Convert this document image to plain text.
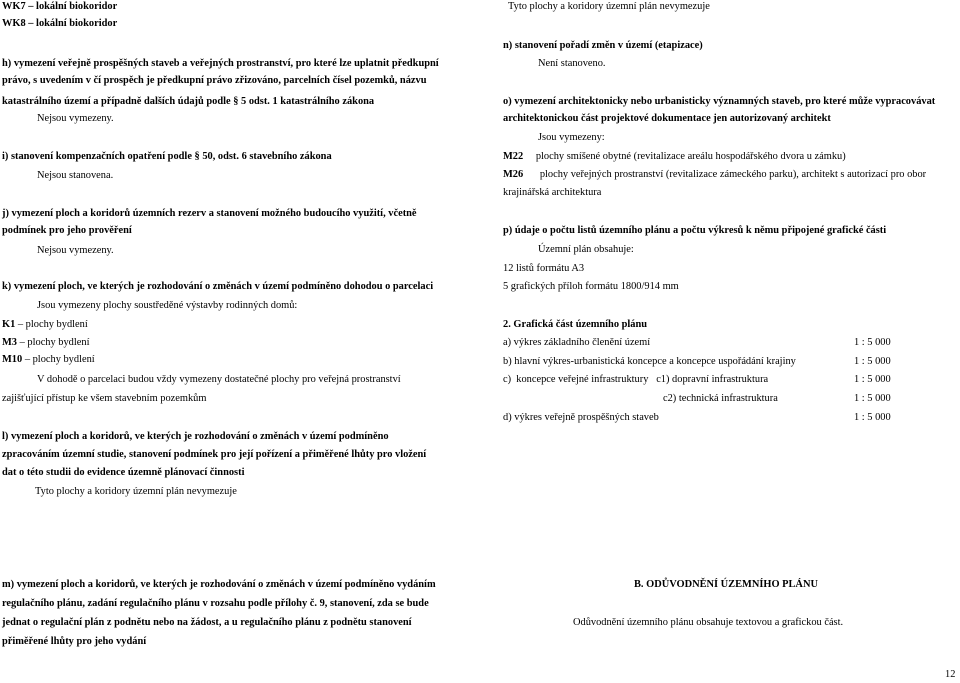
WK7 – lokální biokoridor
WK8 – lokální biokoridor
h) vymezení veřejně prospěšných staveb a veřejných prostranství, pro které lze uplatnit předkupní
právo, s uvedením v čí prospěch je předkupní právo zřizováno, parcelních čísel pozemků, názvu
katastrálního území a případně dalších údajů podle § 5 odst. 1 katastrálního zákona
Nejsou vymezeny.
i) stanovení kompenzačních opatření podle § 50, odst. 6 stavebního zákona
Nejsou stanovena.
j) vymezení ploch a koridorů územních rezerv a stanovení možného budoucího využití, včetně
podmínek pro jeho prověření
Nejsou vymezeny.
k) vymezení ploch, ve kterých je rozhodování o změnách v území podmíněno dohodou o parcelaci
Jsou vymezeny plochy soustředěné výstavby rodinných domů:
K1 – plochy bydlení
M3 – plochy bydlení
M10 – plochy bydlení
V dohodě o parcelaci budou vždy vymezeny dostatečné plochy pro veřejná prostranství
zajišťující přístup ke všem stavebním pozemkům
l) vymezení ploch a koridorů, ve kterých je rozhodování o změnách v území podmíněno
zpracováním územní studie, stanovení podmínek pro její pořízení a přiměřené lhůty pro vložení
dat o této studii do evidence územně plánovací činnosti
Tyto plochy a koridory územní plán nevymezuje
m) vymezení ploch a koridorů, ve kterých je rozhodování o změnách v území podmíněno vydáním
regulačního plánu, zadání regulačního plánu v rozsahu podle přílohy č. 9, stanovení, zda se bude
jednat o regulační plán z podnětu nebo na žádost, a u regulačního plánu z podnětu stanovení
přiměřené lhůty pro jeho vydání
Tyto plochy a koridory územní plán nevymezuje
n) stanovení pořadí změn v území (etapizace)
Není stanoveno.
o) vymezení architektonicky nebo urbanisticky významných staveb, pro které může vypracovávat
architektonickou část projektové dokumentace jen autorizovaný architekt
Jsou vymezeny:
M22 plochy smíšené obytné (revitalizace areálu hospodářského dvora u zámku)
M26 plochy veřejných prostranství (revitalizace zámeckého parku), architekt s autorizací pro obor
krajinářská architektura
p) údaje o počtu listů územního plánu a počtu výkresů k němu připojené grafické části
Územní plán obsahuje:
12 listů formátu A3
5 grafických příloh formátu 1800/914 mm
2. Grafická část územního plánu
a) výkres základního členění území	1 : 5 000
b) hlavní výkres-urbanistická koncepce a koncepce uspořádání krajiny	1 : 5 000
c)  koncepce veřejné infrastruktury   c1) dopravní infrastruktura	1 : 5 000
c2) technická infrastruktura	1 : 5 000
d) výkres veřejně prospěšných staveb	1 : 5 000
B. ODŮVODNĚNÍ ÚZEMNÍHO PLÁNU
Odůvodnění územního plánu obsahuje textovou a grafickou část.
12
